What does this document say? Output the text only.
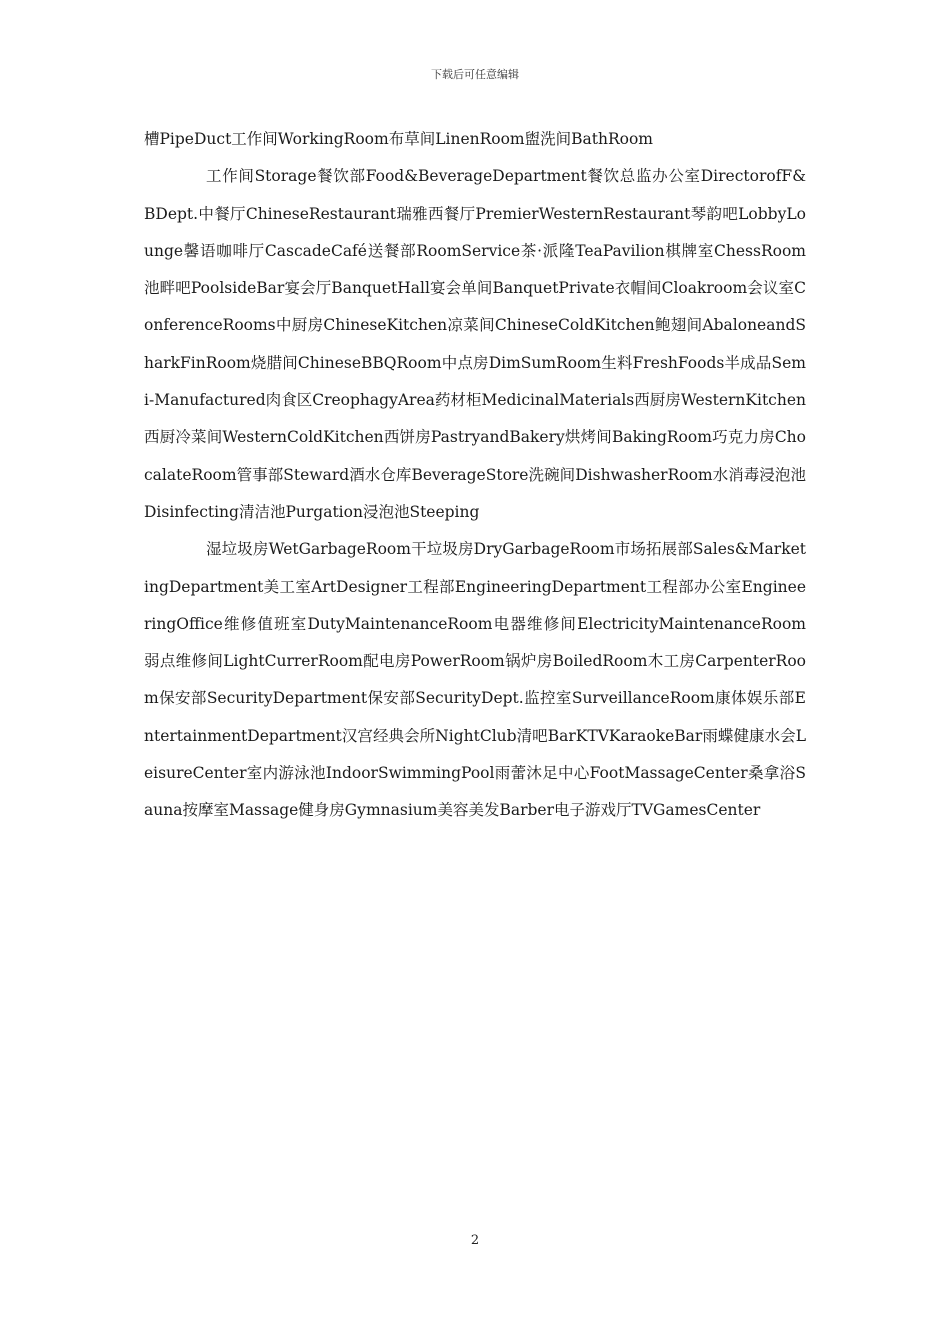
下载后可任意编辑

槽PipeDuct工作间WorkingRoom布草间LinenRoom盥洗间BathRoom

工作间Storage餐饮部Food&BeverageDepartment餐饮总监办公室DirectorofF&BDept.中餐厅ChineseRestaurant瑞雅西餐厅PremierWesternRestaurant琴韵吧LobbyLounge馨语咖啡厅CascadeCafé送餐部RoomService茶·派隆TeaPavilion棋牌室ChessRoom池畔吧PoolsideBar宴会厅BanquetHall宴会单间BanquetPrivate衣帽间Cloakroom会议室ConferenceRooms中厨房ChineseKitchen凉菜间ChineseColdKitchen鲍翅间AbaloneandSharkFinRoom烧腊间ChineseBBQRoom中点房DimSumRoom生料FreshFoods半成品Semi-Manufactured肉食区CreophagyArea药材柜MedicinalMaterials西厨房WesternKitchen西厨冷菜间WesternColdKitchen西饼房PastryandBakery烘烤间BakingRoom巧克力房ChocalateRoom管事部Steward酒水仓库BeverageStore洗碗间DishwasherRoom水消毒浸泡池Disinfecting清洁池Purgation浸泡池Steeping

湿垃圾房WetGarbageRoom干垃圾房DryGarbageRoom市场拓展部Sales&MarketingDepartment美工室ArtDesigner工程部EngineeringDepartment工程部办公室EngineeringOffice维修值班室DutyMaintenanceRoom电器维修间ElectricityMaintenanceRoom弱点维修间LightCurrerRoom配电房PowerRoom锅炉房BoiledRoom木工房CarpenterRoom保安部SecurityDepartment保安部SecurityDept.监控室SurveillanceRoom康体娱乐部EntertainmentDepartment汉宫经典会所NightClub清吧BarKTVKaraokeBar雨蝶健康水会LeisureCenter室内游泳池IndoorSwimmingPool雨蕾沐足中心FootMassageCenter桑拿浴Sauna按摩室Massage健身房Gymnasium美容美发Barber电子游戏厅TVGamesCenter

2
